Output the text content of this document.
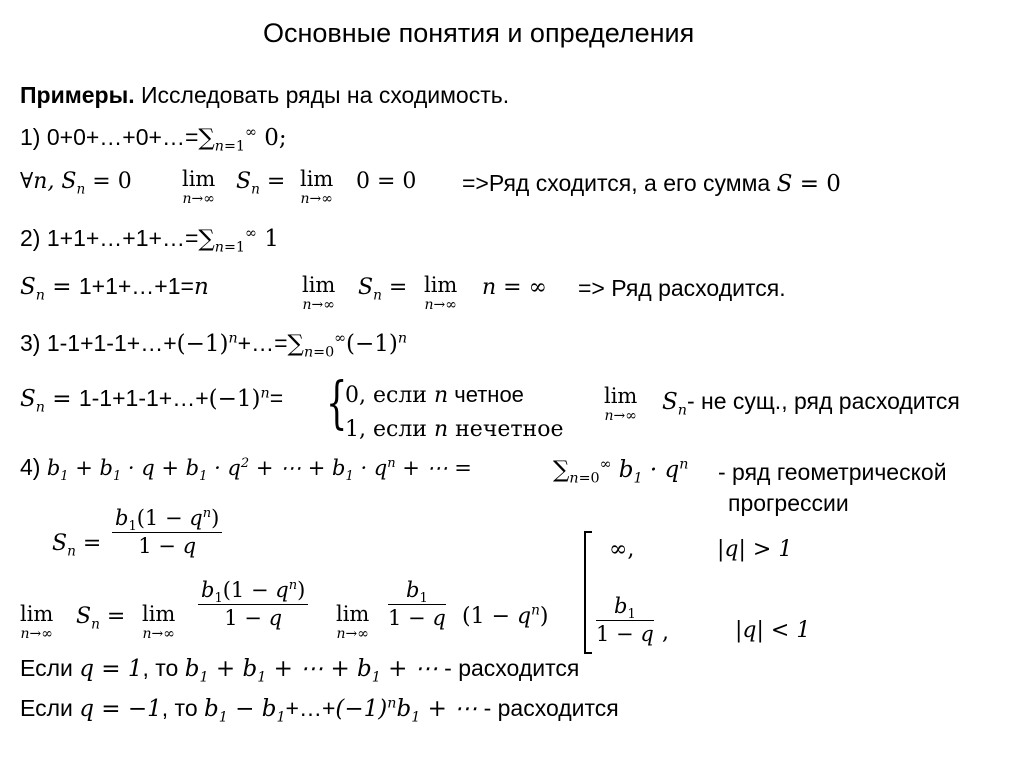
Основные понятия и определения
Примеры. Исследовать ряды на сходимость.
1) $0+0+\dots+0+\dots=\sum_{n=1}^\infty$ 0;
∀n, $S_n = 0$ lim
n→∞
$S_n = \lim$
n→∞
0 = 0 =>Ряд сходится, а его сумма S = 0
2) $1+1+\dots+1+\dots=\sum_{n=1}^\infty$ 1
$S_n$ = 1+1+…+1=n	lim
n→∞
$S_n = \lim$
n→∞
n = ∞ => Ряд расходится.
3) $1-1+1-1+\dots+(-1)^n+\dots=\sum_{n=0}^\infty(-1)^n$
$S_n$ = $1-1+1-1+\dots+(-1)^n=$ {
0, если n четное
1, если n нечетное
lim
n→∞
$S_n-$ не сущ., ряд расходится
4) $b_1 + b_1 \cdot q + b_1 \cdot q^2$ + ⋯ + $b_1 \cdot q^n$ + ⋯ =	$\sum_{n=0}^\infty$ $b_1 \cdot q^n$ - ряд геометрической
прогрессии
$S_n = \frac{b_1(1 - q^n)}{1 - q}$	∞,	|q| > 1
$\frac{b_1}{1 - q}$ ,	|q| < 1
lim
n→∞
$S_n = \lim$
n→∞
$\frac{b_1(1 - q^n)}{1 - q}$ lim
n→∞
$\frac{b_1}{1 - q} (1 - q^n)$
Если q = 1, то $b_1 + b_1$ + ⋯ + $b_1$ + ⋯ - расходится
Если q = −1, то $b_1$ − $b_1+\dots+(-1)^nb_1$ + ⋯ - расходится
